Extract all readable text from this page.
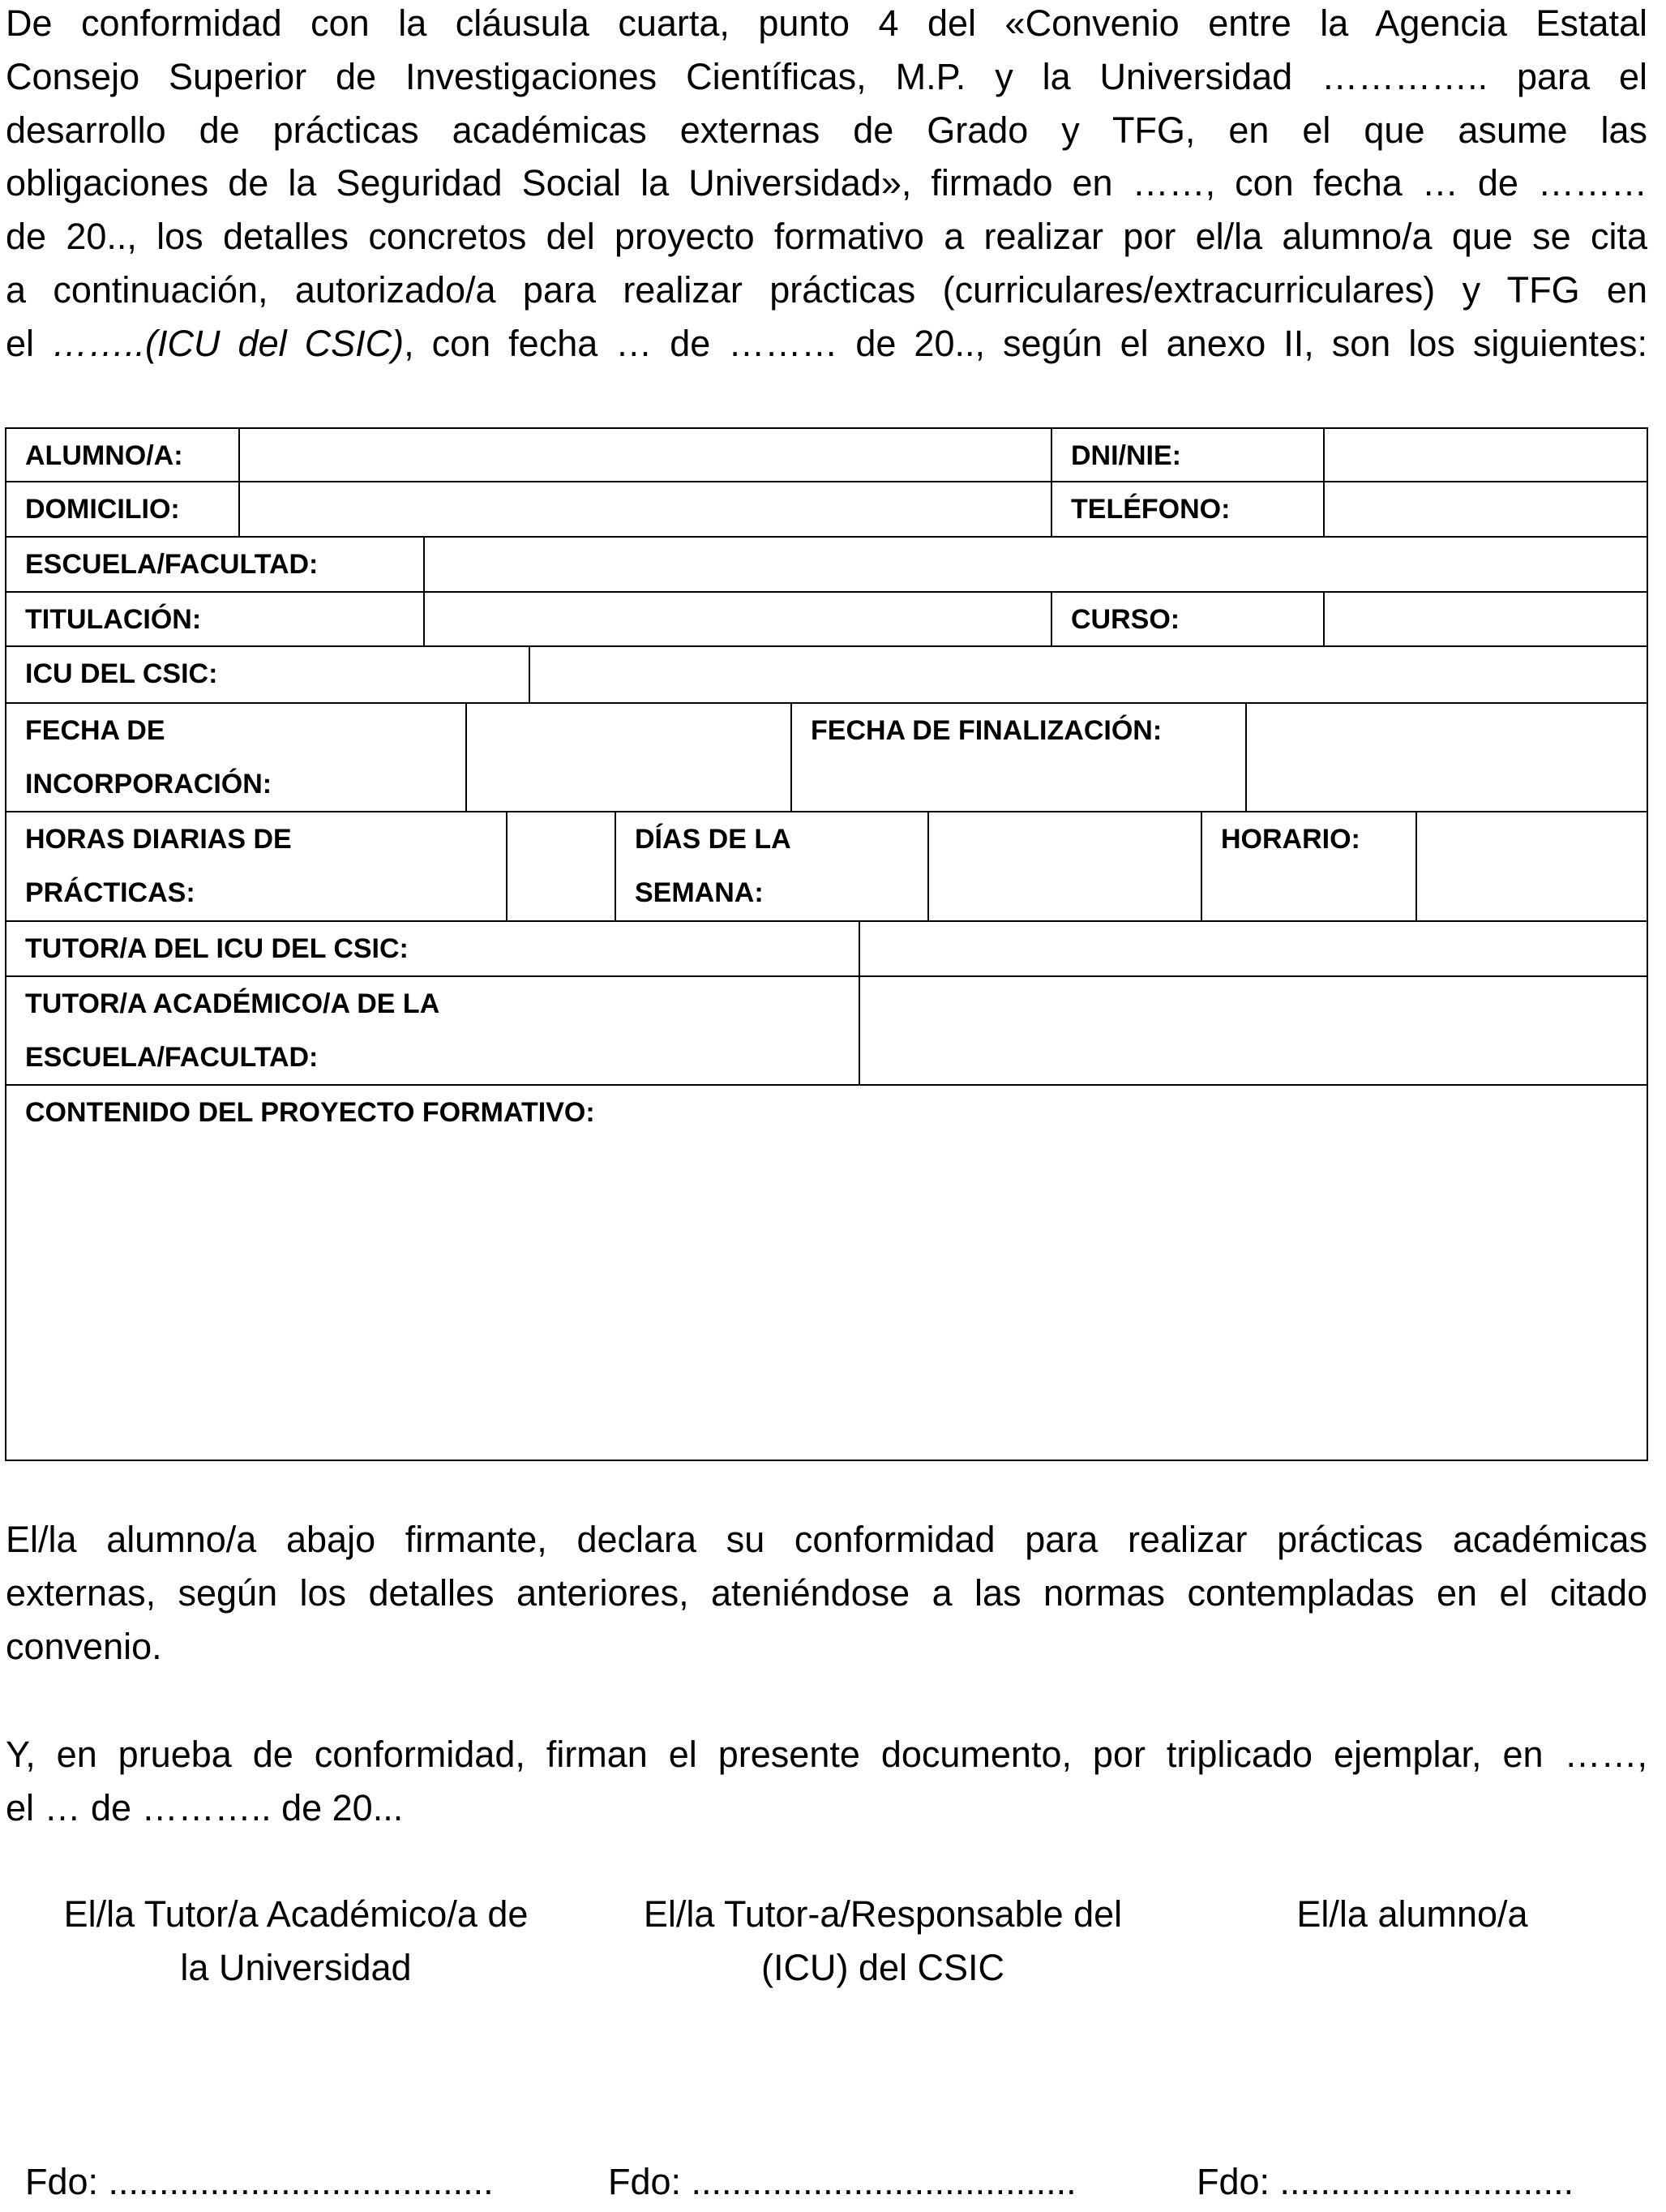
De conformidad con la cláusula cuarta, punto 4 del «Convenio entre la Agencia Estatal
Consejo Superior de Investigaciones Científicas, M.P. y la Universidad ………….. para el
desarrollo de prácticas académicas externas de Grado y TFG, en el que asume las
obligaciones de la Seguridad Social la Universidad», firmado en ……, con fecha … de ………
de 20.., los detalles concretos del proyecto formativo a realizar por el/la alumno/a que se cita
a continuación, autorizado/a para realizar prácticas (curriculares/extracurriculares) y TFG en
el ……..(ICU del CSIC), con fecha … de ……… de 20.., según el anexo II, son los siguientes:
ALUMNO/A:	DNI/NIE:
DOMICILIO:	TELÉFONO:
ESCUELA/FACULTAD:
TITULACIÓN:	CURSO:
ICU DEL CSIC:
FECHA DE
INCORPORACIÓN:
FECHA DE FINALIZACIÓN:
HORAS DIARIAS DE
PRÁCTICAS:
DÍAS DE LA
SEMANA:
HORARIO:
TUTOR/A DEL ICU DEL CSIC:
TUTOR/A ACADÉMICO/A DE LA
ESCUELA/FACULTAD:
CONTENIDO DEL PROYECTO FORMATIVO:
El/la alumno/a abajo firmante, declara su conformidad para realizar prácticas académicas
externas, según los detalles anteriores, ateniéndose a las normas contempladas en el citado
convenio.
Y, en prueba de conformidad, firman el presente documento, por triplicado ejemplar, en ……,
el … de ……….. de 20...
El/la Tutor/a Académico/a de
la Universidad
El/la Tutor-a/Responsable del
(ICU) del CSIC
El/la alumno/a
Fdo: ......................................	Fdo: ......................................	Fdo: .............................
